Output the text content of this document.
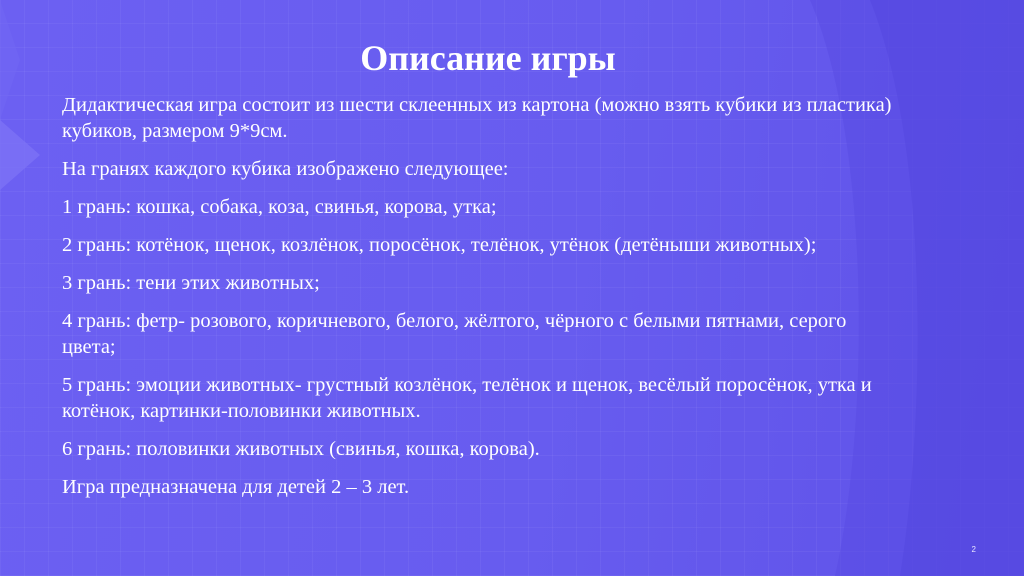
Описание игры
Дидактическая игра состоит из шести склеенных из картона (можно взять кубики из пластика) кубиков, размером 9*9см.
На гранях каждого кубика изображено следующее:
1 грань: кошка, собака, коза, свинья, корова, утка;
2 грань: котёнок, щенок, козлёнок, поросёнок, телёнок, утёнок (детёныши животных);
3 грань: тени этих животных;
4 грань: фетр- розового, коричневого, белого, жёлтого, чёрного с белыми пятнами, серого цвета;
5 грань: эмоции животных- грустный козлёнок, телёнок и щенок, весёлый поросёнок, утка и котёнок, картинки-половинки животных.
6 грань: половинки животных (свинья, кошка, корова).
Игра предназначена для детей 2 – 3 лет.
2
